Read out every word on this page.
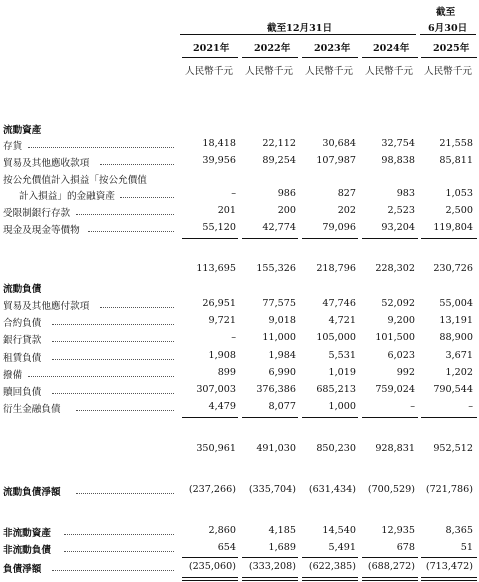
截至12月31日
截至
6月30日
2021年	2022年 2023年 2024年 2025年
人民幣千元 人民幣千元 人民幣千元 人民幣千元 人民幣千元
流動資產
存貨	18,418	22,112	30,684	32,754	21,558
貿易及其他應收款項	39,956	89,254	107,987	98,838	85,811
按公允價值計入損益「按公允價值
計入損益」的金融資產	–	986	827	983	1,053
受限制銀行存款	201	200	202	2,523	2,500
現金及現金等價物	55,120	42,774	79,096	93,204	119,804
113,695	155,326	218,796	228,302	230,726
流動負債
貿易及其他應付款項	26,951	77,575	47,746	52,092	55,004
合約負債	9,721	9,018	4,721	9,200	13,191
銀行貸款	–	11,000	105,000	101,500	88,900
租賃負債	1,908	1,984	5,531	6,023	3,671
撥備	899	6,990	1,019	992	1,202
贖回負債	307,003	376,386	685,213	759,024	790,544
衍生金融負債	4,479	8,077	1,000	–	–
350,961	491,030	850,230	928,831	952,512
流動負債淨額	(237,266)	(335,704)	(631,434)	(700,529)	(721,786)
非流動資產	2,860	4,185	14,540	12,935	8,365
非流動負債	654	1,689	5,491	678	51
負債淨額	(235,060)	(333,208)	(622,385)	(688,272)	(713,472)
